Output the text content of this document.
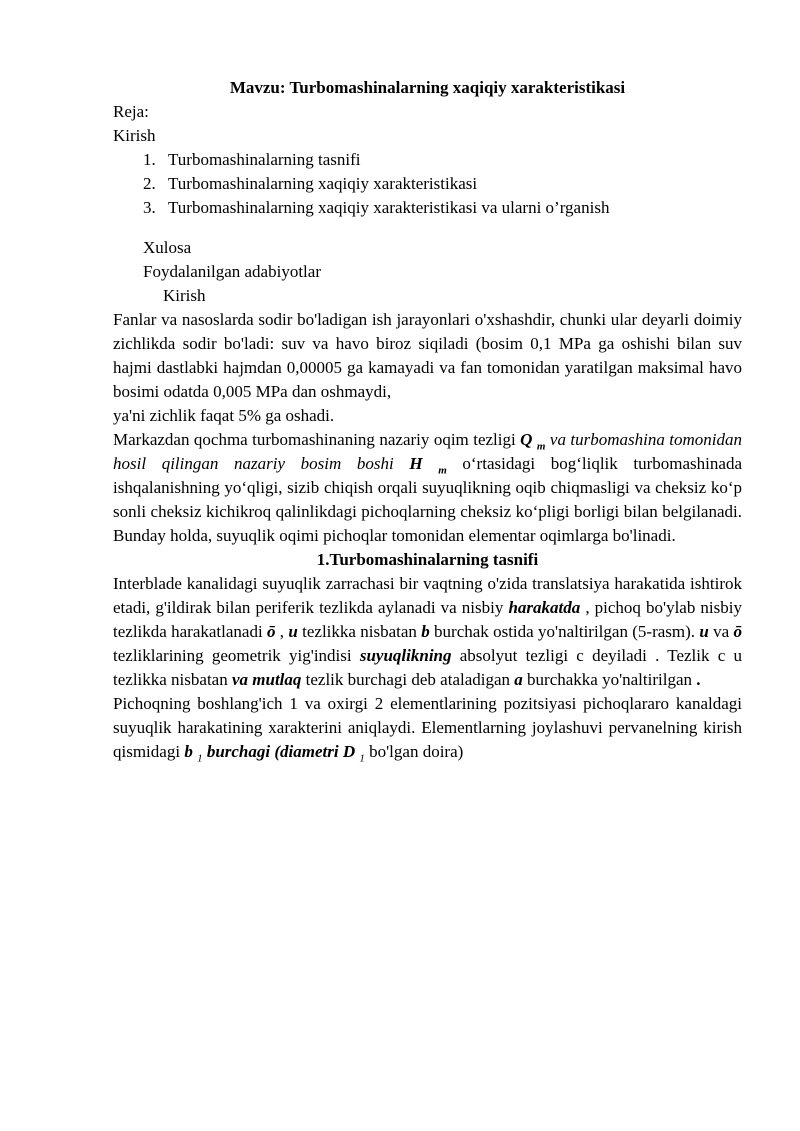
Mavzu: Turbomashinalarning xaqiqiy xarakteristikasi

Reja:

Kirish

1. Turbomashinalarning tasnifi
2. Turbomashinalarning xaqiqiy xarakteristikasi
3. Turbomashinalarning xaqiqiy xarakteristikasi va ularni o’rganish

Xulosa

Foydalanilgan adabiyotlar

Kirish

Fanlar va nasoslarda sodir bo'ladigan ish jarayonlari o'xshashdir, chunki ular deyarli doimiy zichlikda sodir bo'ladi: suv va havo biroz siqiladi (bosim 0,1 MPa ga oshishi bilan suv hajmi dastlabki hajmdan 0,00005 ga kamayadi va fan tomonidan yaratilgan maksimal havo bosimi odatda 0,005 MPa dan oshmaydi,

ya'ni zichlik faqat 5% ga oshadi.

Markazdan qochma turbomashinaning nazariy oqim tezligi Q $_m$ va turbomashina tomonidan hosil qilingan nazariy bosim boshi H $_m$ oʻrtasidagi bogʻliqlik turbomashinada ishqalanishning yoʻqligi, sizib chiqish orqali suyuqlikning oqib chiqmasligi va cheksiz koʻp sonli cheksiz kichikroq qalinlikdagi pichoqlarning cheksiz koʻpligi borligi bilan belgilanadi. Bunday holda, suyuqlik oqimi pichoqlar tomonidan elementar oqimlarga bo'linadi.

1.Turbomashinalarning tasnifi

Interblade kanalidagi suyuqlik zarrachasi bir vaqtning o'zida translatsiya harakatida ishtirok etadi, g'ildirak bilan periferik tezlikda aylanadi va nisbiy harakatda , pichoq bo'ylab nisbiy tezlikda harakatlanadi ō , u tezlikka nisbatan b burchak ostida yo'naltirilgan (5-rasm). u va ō tezliklarining geometrik yig'indisi suyuqlikning absolyut tezligi c deyiladi . Tezlik c u tezlikka nisbatan va mutlaq tezlik burchagi deb ataladigan a burchakka yo'naltirilgan .

Pichoqning boshlang'ich 1 va oxirgi 2 elementlarining pozitsiyasi pichoqlararo kanaldagi suyuqlik harakatining xarakterini aniqlaydi. Elementlarning joylashuvi pervanelning kirish qismidagi b $_1$ burchagi (diametri D $_1$ bo'lgan doira)
